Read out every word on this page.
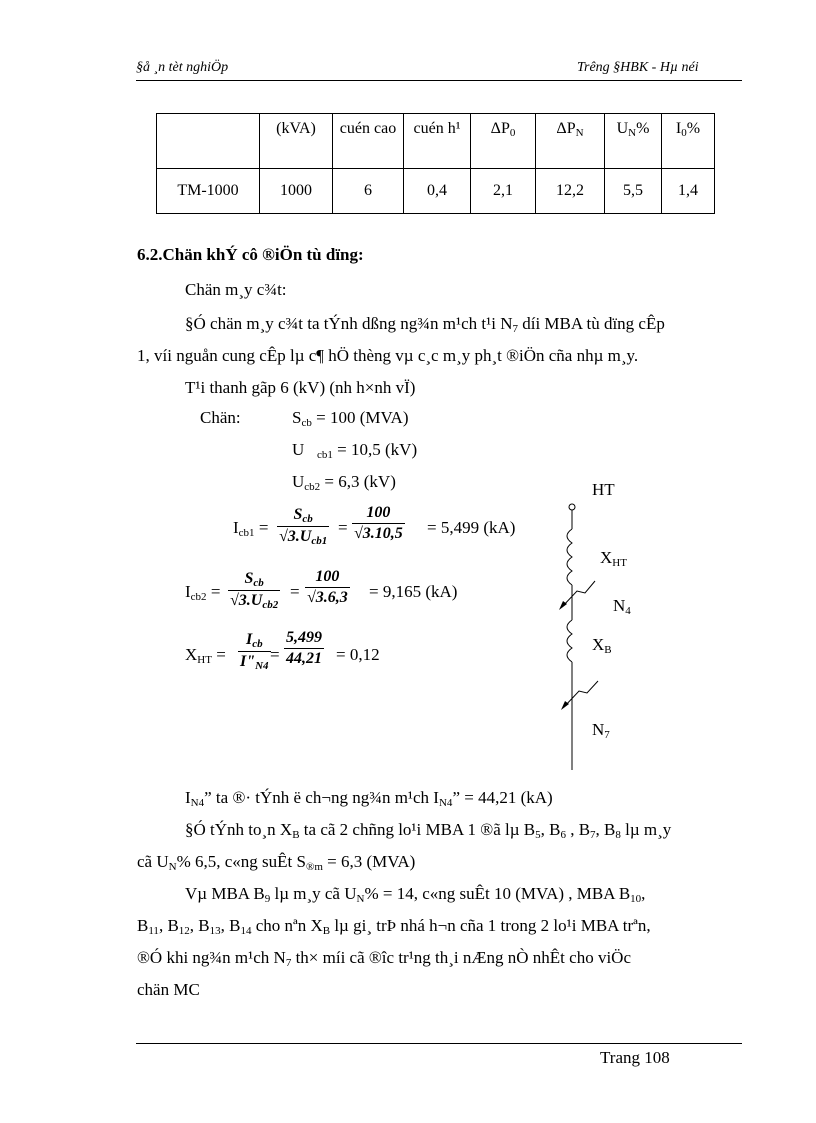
§å ¸n tèt nghiÖp	Trêng §HBK - Hµ néi
	(kVA)	cuén cao	cuén h¹	$\Delta P_0$	$\Delta P_N$	$U_N\%$	$I_0\%$
TM-1000	1000	6	0,4	2,1	12,2	5,5	1,4
6.2.Chän khÝ cô ®iÖn tù dïng:
Chän m¸y c¾t:
§Ó chän m¸y c¾t ta tÝnh dßng ng¾n m¹ch t¹i $N_7$ díi MBA tù dïng cÊp
1, víi nguån cung cÊp lµ c¶ hÖ thèng vµ c¸c m¸y ph¸t ®iÖn cña nhµ m¸y.
T¹i thanh gãp 6 (kV) (nh h×nh vÏ)
Chän:	$S_{cb} = 100$ (MVA)
U $_{cb1}$ = 10,5 (kV)
$U_{cb2} = 6,3$ (kV)
$I_{cb1}$ =
$S_{cb}$
$√3.U_{cb1}$
=
100
√3.10,5 = 5,499 (kA)
$I_{cb2}$ =
$S_{cb}$
$√3.U_{cb2}$
=
100
√3.6,3 = 9,165 (kA)
$X_{HT}$ =
$I_{cb}$
$I"_{N4}$
=
5,499
44,21 = 0,12
HT
$X_{HT}$
$N_4$
$X_B$
$N_7$
$I_{N4}$” ta ®· tÝnh ë ch¬ng ng¾n m¹ch $I_{N4}$” = 44,21 (kA)
§Ó tÝnh to¸n $X_B$ ta cã 2 chñng lo¹i MBA 1 ®ã lµ $B_5$, $B_6$ , $B_7$, $B_8$ lµ m¸y
cã $U_N\%$ 6,5, c«ng suÊt $S_{®m} = 6,3$ (MVA)
Vµ MBA $B_9$ lµ m¸y cã $U_N\% = 14$, c«ng suÊt 10 (MVA) , MBA $B_{10}$,
$B_{11}$, $B_{12}$, $B_{13}$, $B_{14}$ cho nªn $X_B$ lµ gi¸ trÞ nhá h¬n cña 1 trong 2 lo¹i MBA trªn,
®Ó khi ng¾n m¹ch $N_7$ th× míi cã ®îc tr¹ng th¸i nÆng nÒ nhÊt cho viÖc
chän MC
Trang 108
